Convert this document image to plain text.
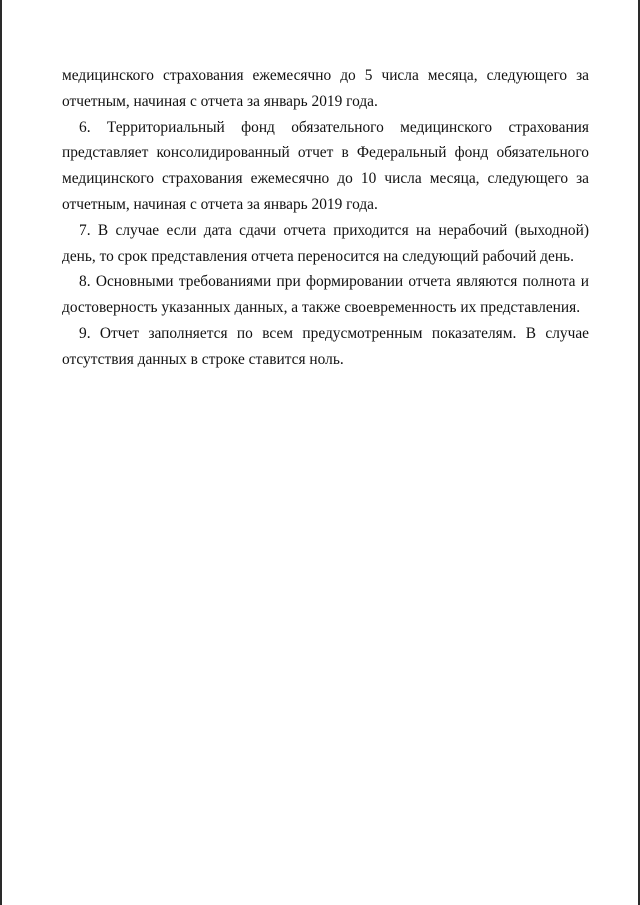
медицинского страхования ежемесячно до 5 числа месяца, следующего за отчетным, начиная с отчета за январь 2019 года.

6. Территориальный фонд обязательного медицинского страхования представляет консолидированный отчет в Федеральный фонд обязательного медицинского страхования ежемесячно до 10 числа месяца, следующего за отчетным, начиная с отчета за январь 2019 года.

7. В случае если дата сдачи отчета приходится на нерабочий (выходной) день, то срок представления отчета переносится на следующий рабочий день.

8. Основными требованиями при формировании отчета являются полнота и достоверность указанных данных, а также своевременность их представления.

9. Отчет заполняется по всем предусмотренным показателям. В случае отсутствия данных в строке ставится ноль.
